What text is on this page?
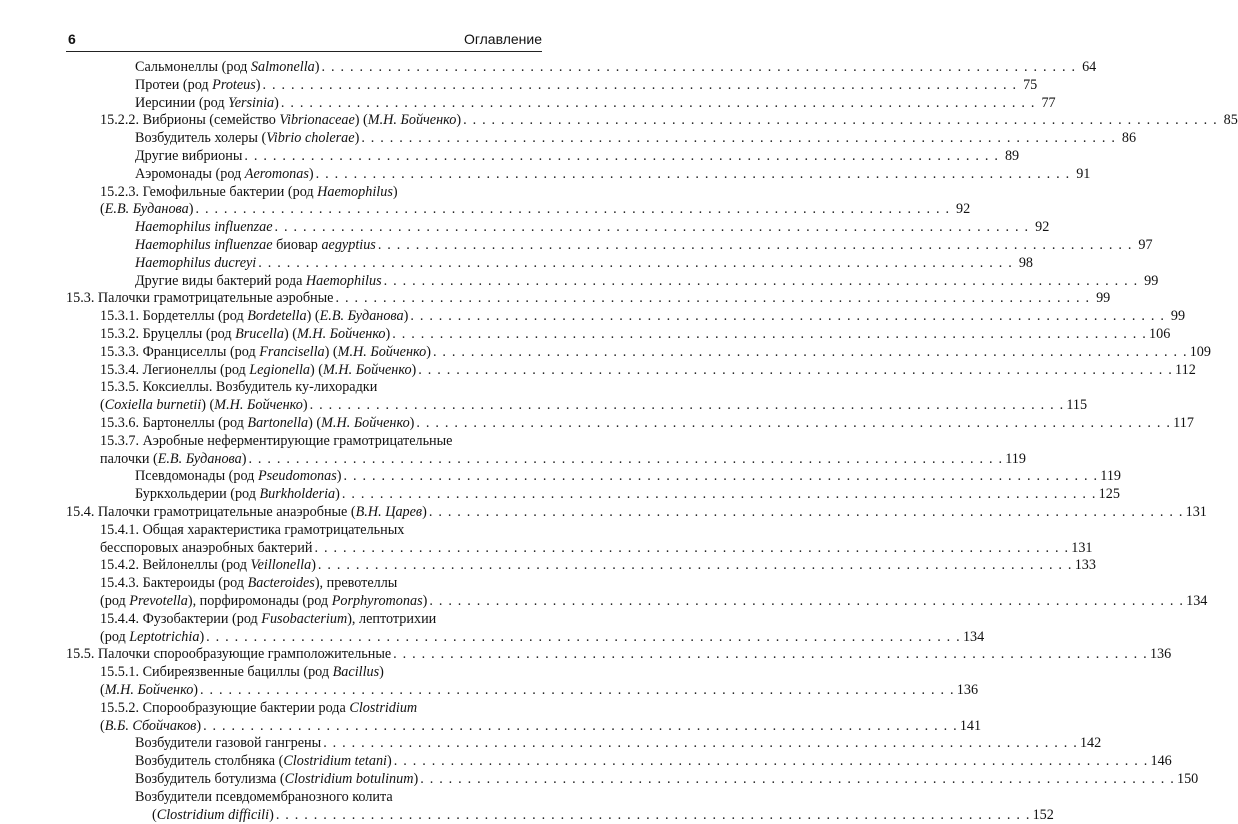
6	Оглавление
Сальмонеллы (род Salmonella) . . . . . . . . . . . . . . . . . . . . . . . . . . . . . . . . . . . . . . . . . . . . . . . . . . . . . . . . . . . . . . . . . . . . . . . . . . . . . . . . 64
Протеи (род Proteus) . . . . . . . . . . . . . . . . . . . . . . . . . . . . . . . . . . . . . . . . . . . . . . . . . . . . . . . . . . . . . . . . . . . . . . . . . . . . . . . . 75
Иерсинии (род Yersinia) . . . . . . . . . . . . . . . . . . . . . . . . . . . . . . . . . . . . . . . . . . . . . . . . . . . . . . . . . . . . . . . . . . . . . . . . . . . . . . . . 77
15.2.2. Вибрионы (семейство Vibrionaceae) (М.Н. Бойченко) . . . . . . . . . . . . . . . . . . . . . . . . . . . . . . . . . . . . . . . . . . . . . . . . . . . . . . . . . . . . . . . . . . . . . . . . . . . . . . . . 85
Возбудитель холеры (Vibrio cholerae) . . . . . . . . . . . . . . . . . . . . . . . . . . . . . . . . . . . . . . . . . . . . . . . . . . . . . . . . . . . . . . . . . . . . . . . . . . . . . . . . 86
Другие вибрионы . . . . . . . . . . . . . . . . . . . . . . . . . . . . . . . . . . . . . . . . . . . . . . . . . . . . . . . . . . . . . . . . . . . . . . . . . . . . . . . . 89
Аэромонады (род Aeromonas) . . . . . . . . . . . . . . . . . . . . . . . . . . . . . . . . . . . . . . . . . . . . . . . . . . . . . . . . . . . . . . . . . . . . . . . . . . . . . . . . 91
15.2.3. Гемофильные бактерии (род Haemophilus)
(Е.В. Буданова) . . . . . . . . . . . . . . . . . . . . . . . . . . . . . . . . . . . . . . . . . . . . . . . . . . . . . . . . . . . . . . . . . . . . . . . . . . . . . . . . 92
Haemophilus influenzae . . . . . . . . . . . . . . . . . . . . . . . . . . . . . . . . . . . . . . . . . . . . . . . . . . . . . . . . . . . . . . . . . . . . . . . . . . . . . . . . 92
Haemophilus influenzae биовар aegyptius . . . . . . . . . . . . . . . . . . . . . . . . . . . . . . . . . . . . . . . . . . . . . . . . . . . . . . . . . . . . . . . . . . . . . . . . . . . . . . . . 97
Haemophilus ducreyi . . . . . . . . . . . . . . . . . . . . . . . . . . . . . . . . . . . . . . . . . . . . . . . . . . . . . . . . . . . . . . . . . . . . . . . . . . . . . . . . 98
Другие виды бактерий рода Haemophilus . . . . . . . . . . . . . . . . . . . . . . . . . . . . . . . . . . . . . . . . . . . . . . . . . . . . . . . . . . . . . . . . . . . . . . . . . . . . . . . . 99
15.3. Палочки грамотрицательные аэробные . . . . . . . . . . . . . . . . . . . . . . . . . . . . . . . . . . . . . . . . . . . . . . . . . . . . . . . . . . . . . . . . . . . . . . . . . . . . . . . . 99
15.3.1. Бордетеллы (род Bordetella) (Е.В. Буданова) . . . . . . . . . . . . . . . . . . . . . . . . . . . . . . . . . . . . . . . . . . . . . . . . . . . . . . . . . . . . . . . . . . . . . . . . . . . . . . . . 99
15.3.2. Бруцеллы (род Brucella) (М.Н. Бойченко) . . . . . . . . . . . . . . . . . . . . . . . . . . . . . . . . . . . . . . . . . . . . . . . . . . . . . . . . . . . . . . . . . . . . . . . . . . . . . . . . 106
15.3.3. Франциселлы (род Francisella) (М.Н. Бойченко) . . . . . . . . . . . . . . . . . . . . . . . . . . . . . . . . . . . . . . . . . . . . . . . . . . . . . . . . . . . . . . . . . . . . . . . . . . . . . . . . 109
15.3.4. Легионеллы (род Legionella) (М.Н. Бойченко) . . . . . . . . . . . . . . . . . . . . . . . . . . . . . . . . . . . . . . . . . . . . . . . . . . . . . . . . . . . . . . . . . . . . . . . . . . . . . . . . 112
15.3.5. Коксиеллы. Возбудитель ку-лихорадки
(Coxiella burnetii) (М.Н. Бойченко) . . . . . . . . . . . . . . . . . . . . . . . . . . . . . . . . . . . . . . . . . . . . . . . . . . . . . . . . . . . . . . . . . . . . . . . . . . . . . . . . 115
15.3.6. Бартонеллы (род Bartonella) (М.Н. Бойченко) . . . . . . . . . . . . . . . . . . . . . . . . . . . . . . . . . . . . . . . . . . . . . . . . . . . . . . . . . . . . . . . . . . . . . . . . . . . . . . . . 117
15.3.7. Аэробные неферментирующие грамотрицательные
палочки (Е.В. Буданова) . . . . . . . . . . . . . . . . . . . . . . . . . . . . . . . . . . . . . . . . . . . . . . . . . . . . . . . . . . . . . . . . . . . . . . . . . . . . . . . . 119
Псевдомонады (род Pseudomonas) . . . . . . . . . . . . . . . . . . . . . . . . . . . . . . . . . . . . . . . . . . . . . . . . . . . . . . . . . . . . . . . . . . . . . . . . . . . . . . . . 119
Буркхольдерии (род Burkholderia) . . . . . . . . . . . . . . . . . . . . . . . . . . . . . . . . . . . . . . . . . . . . . . . . . . . . . . . . . . . . . . . . . . . . . . . . . . . . . . . . 125
15.4. Палочки грамотрицательные анаэробные (В.Н. Царев) . . . . . . . . . . . . . . . . . . . . . . . . . . . . . . . . . . . . . . . . . . . . . . . . . . . . . . . . . . . . . . . . . . . . . . . . . . . . . . . . 131
15.4.1. Общая характеристика грамотрицательных
бесспоровых анаэробных бактерий . . . . . . . . . . . . . . . . . . . . . . . . . . . . . . . . . . . . . . . . . . . . . . . . . . . . . . . . . . . . . . . . . . . . . . . . . . . . . . . . 131
15.4.2. Вейлонеллы (род Veillonella) . . . . . . . . . . . . . . . . . . . . . . . . . . . . . . . . . . . . . . . . . . . . . . . . . . . . . . . . . . . . . . . . . . . . . . . . . . . . . . . . 133
15.4.3. Бактероиды (род Bacteroides), превотеллы
(род Prevotella), порфиромонады (род Porphyromonas) . . . . . . . . . . . . . . . . . . . . . . . . . . . . . . . . . . . . . . . . . . . . . . . . . . . . . . . . . . . . . . . . . . . . . . . . . . . . . . . . 134
15.4.4. Фузобактерии (род Fusobacterium), лептотрихии
(род Leptotrichia) . . . . . . . . . . . . . . . . . . . . . . . . . . . . . . . . . . . . . . . . . . . . . . . . . . . . . . . . . . . . . . . . . . . . . . . . . . . . . . . . 134
15.5. Палочки спорообразующие грамположительные . . . . . . . . . . . . . . . . . . . . . . . . . . . . . . . . . . . . . . . . . . . . . . . . . . . . . . . . . . . . . . . . . . . . . . . . . . . . . . . . 136
15.5.1. Сибиреязвенные бациллы (род Bacillus)
(М.Н. Бойченко) . . . . . . . . . . . . . . . . . . . . . . . . . . . . . . . . . . . . . . . . . . . . . . . . . . . . . . . . . . . . . . . . . . . . . . . . . . . . . . . . 136
15.5.2. Спорообразующие бактерии рода Clostridium
(В.Б. Сбойчаков) . . . . . . . . . . . . . . . . . . . . . . . . . . . . . . . . . . . . . . . . . . . . . . . . . . . . . . . . . . . . . . . . . . . . . . . . . . . . . . . . 141
Возбудители газовой гангрены . . . . . . . . . . . . . . . . . . . . . . . . . . . . . . . . . . . . . . . . . . . . . . . . . . . . . . . . . . . . . . . . . . . . . . . . . . . . . . . . 142
Возбудитель столбняка (Clostridium tetani) . . . . . . . . . . . . . . . . . . . . . . . . . . . . . . . . . . . . . . . . . . . . . . . . . . . . . . . . . . . . . . . . . . . . . . . . . . . . . . . . 146
Возбудитель ботулизма (Clostridium botulinum) . . . . . . . . . . . . . . . . . . . . . . . . . . . . . . . . . . . . . . . . . . . . . . . . . . . . . . . . . . . . . . . . . . . . . . . . . . . . . . . . 150
Возбудители псевдомембранозного колита
(Clostridium difficili) . . . . . . . . . . . . . . . . . . . . . . . . . . . . . . . . . . . . . . . . . . . . . . . . . . . . . . . . . . . . . . . . . . . . . . . . . . . . . . . . 152
